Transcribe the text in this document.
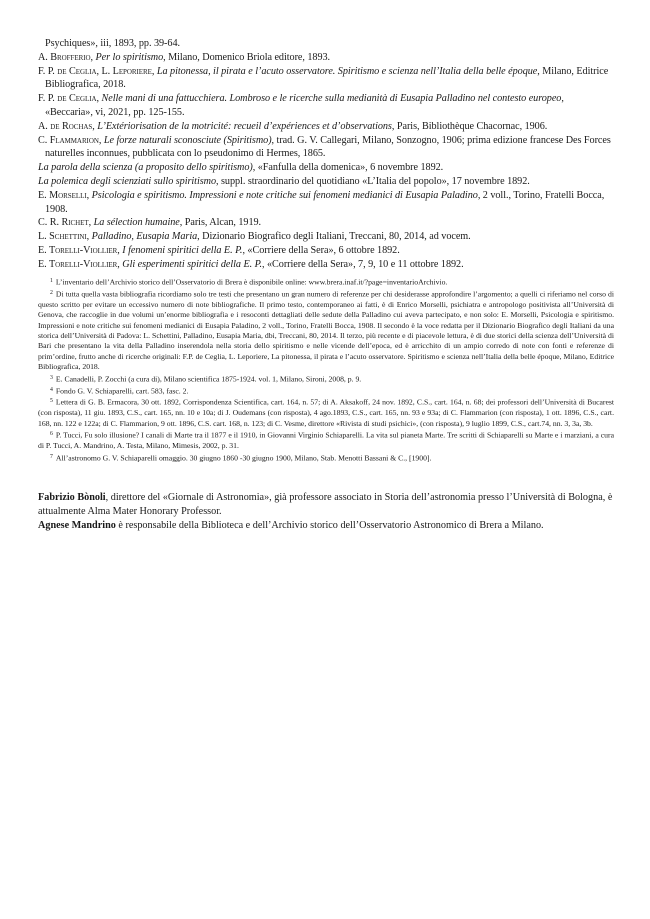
Psychiques», iii, 1893, pp. 39-64.

A. Brofferio, Per lo spiritismo, Milano, Domenico Briola editore, 1893.

F. P. de Ceglia, L. Leporiere, La pitonessa, il pirata e l’acuto osservatore. Spiritismo e scienza nell’Italia della belle époque, Milano, Editrice Bibliografica, 2018.

F. P. de Ceglia, Nelle mani di una fattucchiera. Lombroso e le ricerche sulla medianità di Eusapia Palladino nel contesto europeo, «Beccaria», vi, 2021, pp. 125-155.

A. de Rochas, L’Extériorisation de la motricité: recueil d’expériences et d’observations, Paris, Bibliothèque Chacornac, 1906.

C. Flammarion, Le forze naturali sconosciute (Spiritismo), trad. G. V. Callegari, Milano, Sonzogno, 1906; prima edizione francese Des Forces naturelles inconnues, pubblicata con lo pseudonimo di Hermes, 1865.

La parola della scienza (a proposito dello spiritismo), «Fanfulla della domenica», 6 novembre 1892.

La polemica degli scienziati sullo spiritismo, suppl. straordinario del quotidiano «L’Italia del popolo», 17 novembre 1892.

E. Morselli, Psicologia e spiritismo. Impressioni e note critiche sui fenomeni medianici di Eusapia Paladino, 2 voll., Torino, Fratelli Bocca, 1908.

C. R. Richet, La sélection humaine, Paris, Alcan, 1919.

L. Schettini, Palladino, Eusapia Maria, Dizionario Biografico degli Italiani, Treccani, 80, 2014, ad vocem.

E. Torelli-Viollier, I fenomeni spiritici della E. P., «Corriere della Sera», 6 ottobre 1892.

E. Torelli-Viollier, Gli esperimenti spiritici della E. P., «Corriere della Sera», 7, 9, 10 e 11 ottobre 1892.

$^1$ L’inventario dell’Archivio storico dell’Osservatorio di Brera è disponibile online: www.brera.inaf.it/?page=inventarioArchivio.

$^2$ Di tutta quella vasta bibliografia ricordiamo solo tre testi che presentano un gran numero di referenze per chi desiderasse approfondire l’argomento; a quelli ci riferiamo nel corso di questo scritto per evitare un eccessivo numero di note bibliografiche. Il primo testo, contemporaneo ai fatti, è di Enrico Morselli, psichiatra e antropologo positivista all’Università di Genova, che raccoglie in due volumi un’enorme bibliografia e i resoconti dettagliati delle sedute della Palladino cui aveva partecipato, e non solo: E. Morselli, Psicologia e spiritismo. Impressioni e note critiche sui fenomeni medianici di Eusapia Paladino, 2 voll., Torino, Fratelli Bocca, 1908. Il secondo è la voce redatta per il Dizionario Biografico degli Italiani da una storica dell’Università di Padova: L. Schettini, Palladino, Eusapia Maria, dbi, Treccani, 80, 2014. Il terzo, più recente e di piacevole lettura, è di due storici della scienza dell’Università di Bari che presentano la vita della Palladino inserendola nella storia dello spiritismo e nelle vicende dell’epoca, ed è arricchito di un ampio corredo di note con fonti e referenze di prim’ordine, frutto anche di ricerche originali: F.P. de Ceglia, L. Leporiere, La pitonessa, il pirata e l’acuto osservatore. Spiritismo e scienza nell’Italia della belle époque, Milano, Editrice Bibliografica, 2018.

$^3$ E. Canadelli, P. Zocchi (a cura di), Milano scientifica 1875-1924. vol. 1, Milano, Sironi, 2008, p. 9.

$^4$ Fondo G. V. Schiaparelli, cart. 583, fasc. 2.

$^5$ Lettera di G. B. Ermacora, 30 ott. 1892, Corrispondenza Scientifica, cart. 164, n. 57; di A. Aksakoff, 24 nov. 1892, C.S., cart. 164, n. 68; dei professori dell’Università di Bucarest (con risposta), 11 giu. 1893, C.S., cart. 165, nn. 10 e 10a; di J. Oudemans (con risposta), 4 ago.1893, C.S., cart. 165, nn. 93 e 93a; di C. Flammarion (con risposta), 1 ott. 1896, C.S., cart. 168, nn. 122 e 122a; di C. Flammarion, 9 ott. 1896, C.S. cart. 168, n. 123; di C. Vesme, direttore «Rivista di studi psichici», (con risposta), 9 luglio 1899, C.S., cart.74, nn. 3, 3a, 3b.

$^6$ P. Tucci, Fu solo illusione? I canali di Marte tra il 1877 e il 1910, in Giovanni Virginio Schiaparelli. La vita sul pianeta Marte. Tre scritti di Schiaparelli su Marte e i marziani, a cura di P. Tucci, A. Mandrino, A. Testa, Milano, Mimesis, 2002, p. 31.

$^7$ All’astronomo G. V. Schiaparelli omaggio. 30 giugno 1860 -30 giugno 1900, Milano, Stab. Menotti Bassani & C., [1900].

Fabrizio Bònoli, direttore del «Giornale di Astronomia», già professore associato in Storia dell’astronomia presso l’Università di Bologna, è attualmente Alma Mater Honorary Professor.

Agnese Mandrino è responsabile della Biblioteca e dell’Archivio storico dell’Osservatorio Astronomico di Brera a Milano.
